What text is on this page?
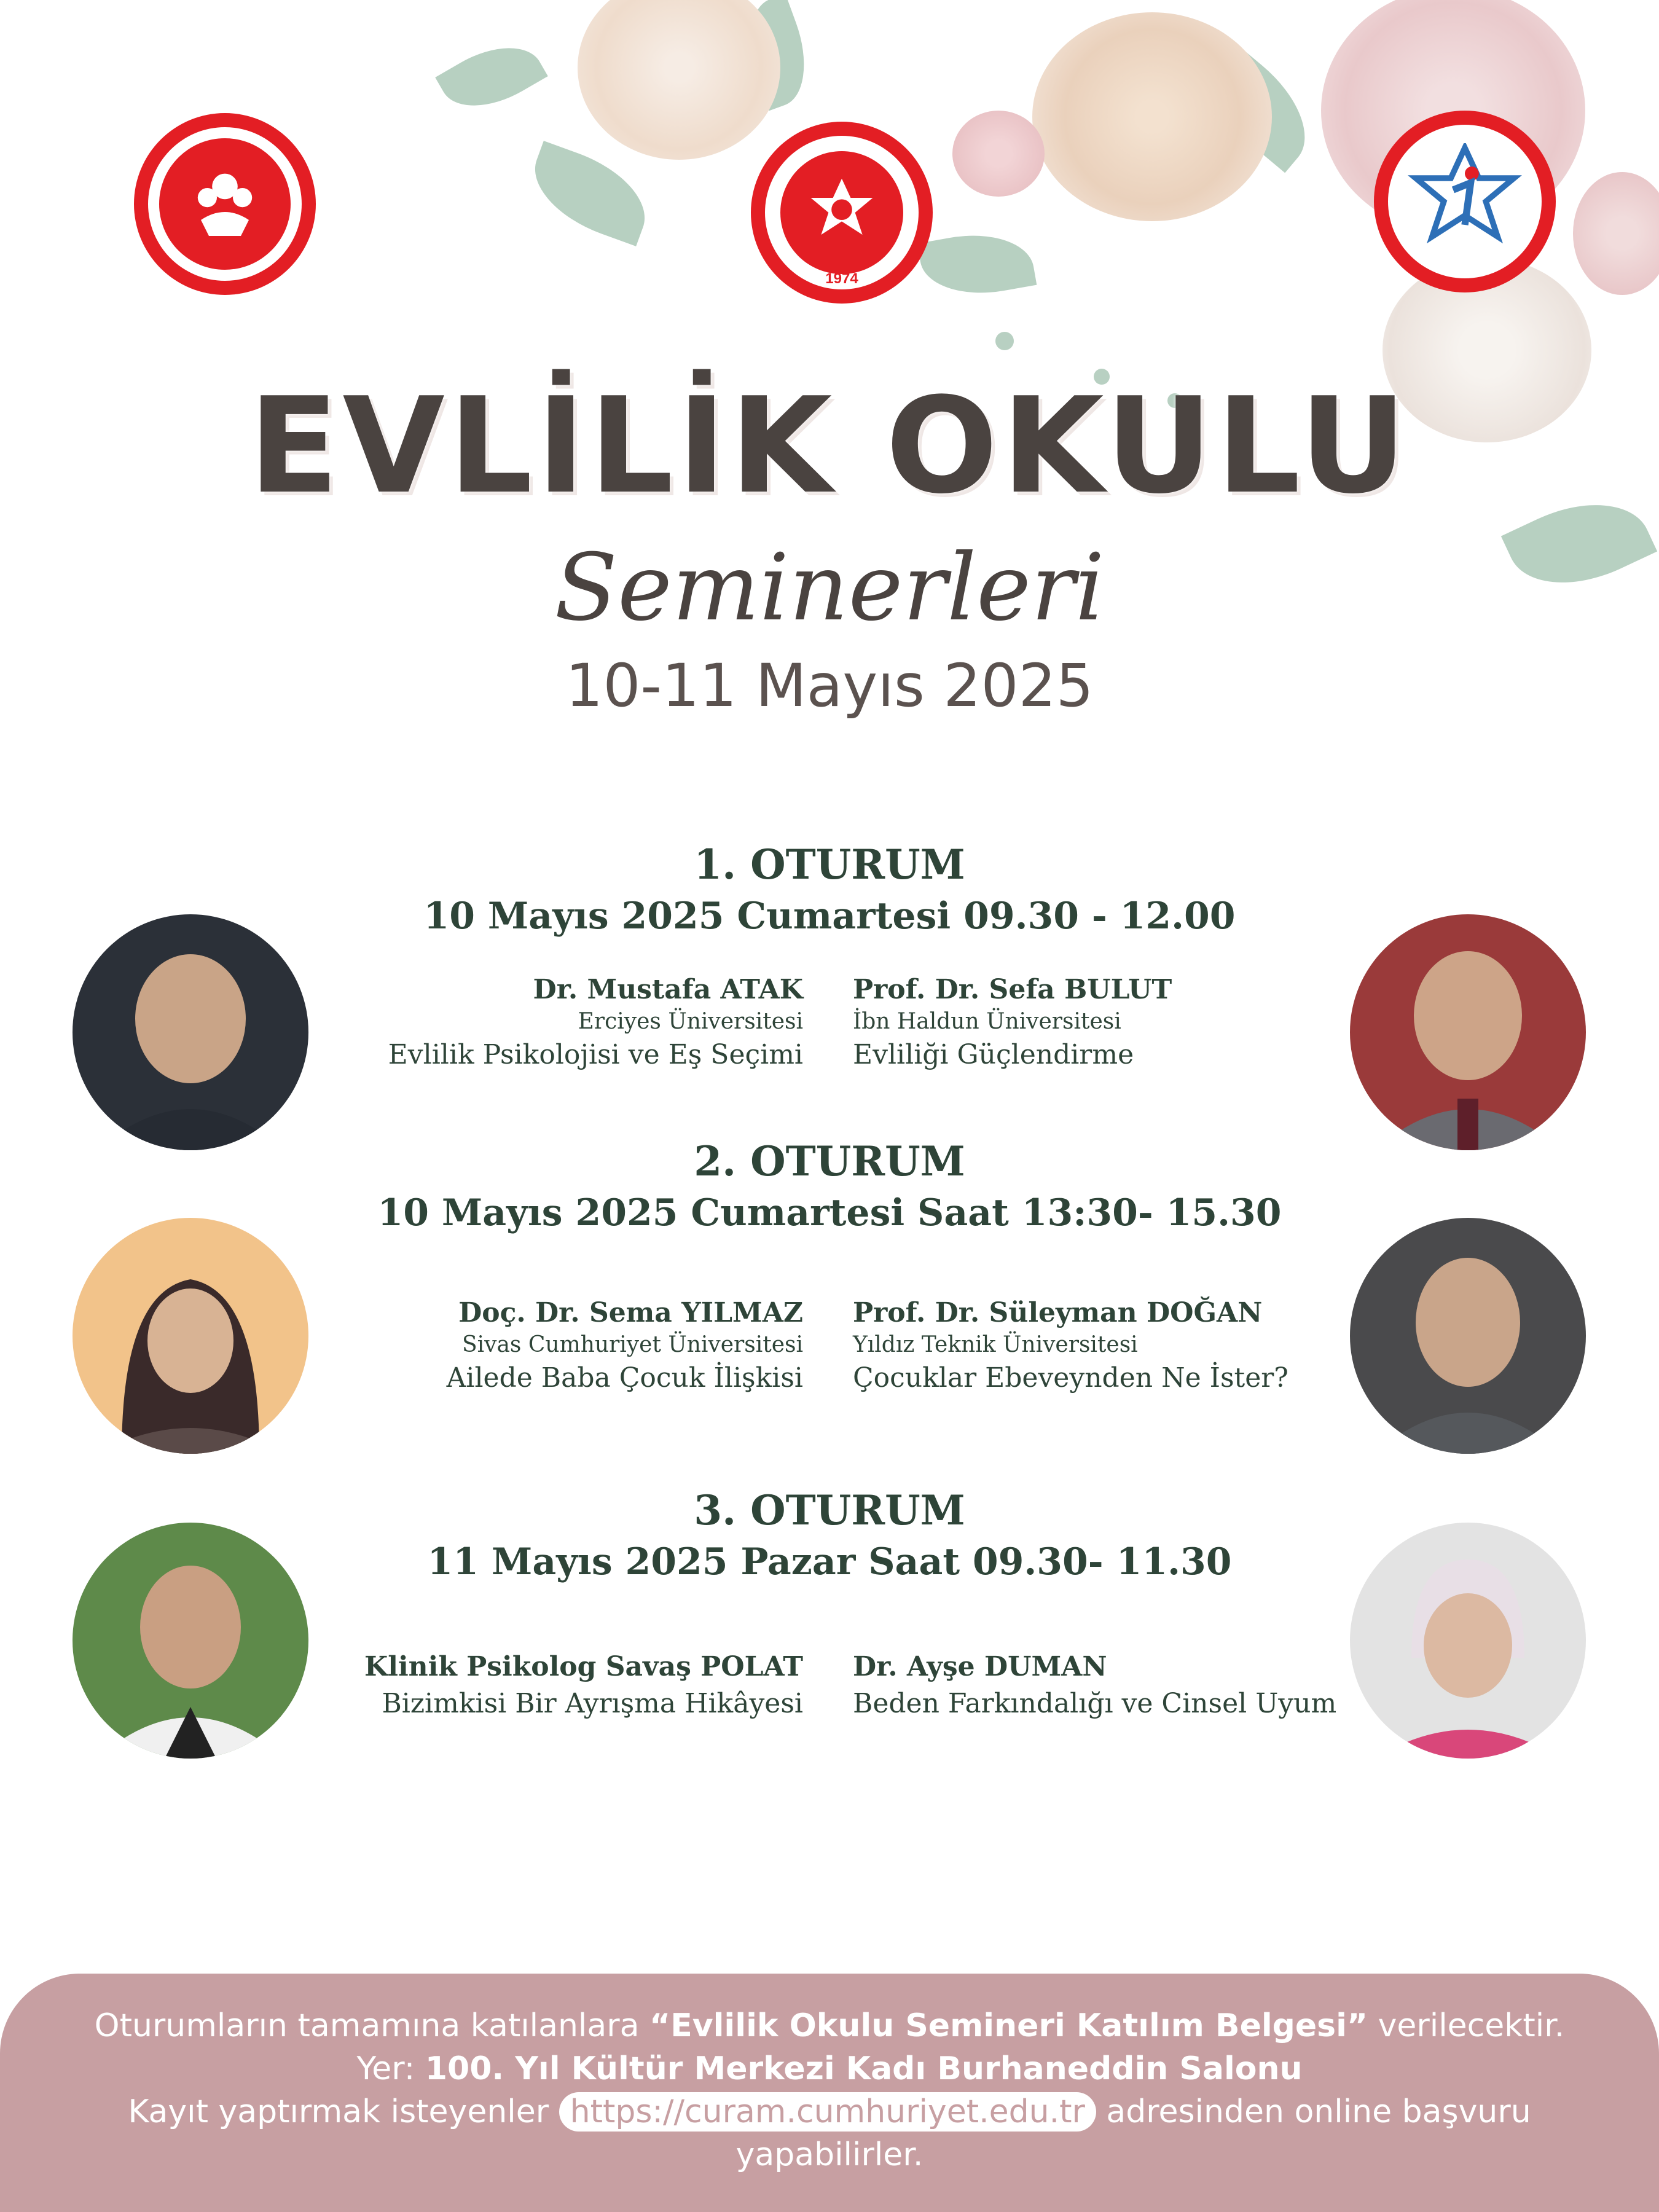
1974
EVLİLİK OKULU
Seminerleri
10-11 Mayıs 2025
1. OTURUM
10 Mayıs 2025 Cumartesi 09.30 - 12.00
Dr. Mustafa ATAK
Erciyes Üniversitesi
Evlilik Psikolojisi ve Eş Seçimi
Prof. Dr. Sefa BULUT
İbn Haldun Üniversitesi
Evliliği Güçlendirme
2. OTURUM
10 Mayıs 2025 Cumartesi Saat 13:30- 15.30
Doç. Dr. Sema YILMAZ
Sivas Cumhuriyet Üniversitesi
Ailede Baba Çocuk İlişkisi
Prof. Dr. Süleyman DOĞAN
Yıldız Teknik Üniversitesi
Çocuklar Ebeveynden Ne İster?
3. OTURUM
11 Mayıs 2025 Pazar Saat 09.30- 11.30
Klinik Psikolog Savaş POLAT
Bizimkisi Bir Ayrışma Hikâyesi
Dr. Ayşe DUMAN
Beden Farkındalığı ve Cinsel Uyum
Oturumların tamamına katılanlara “Evlilik Okulu Semineri Katılım Belgesi” verilecektir.
Yer: 100. Yıl Kültür Merkezi Kadı Burhaneddin Salonu
Kayıt yaptırmak isteyenler https://curam.cumhuriyet.edu.tr adresinden online başvuru
yapabilirler.
